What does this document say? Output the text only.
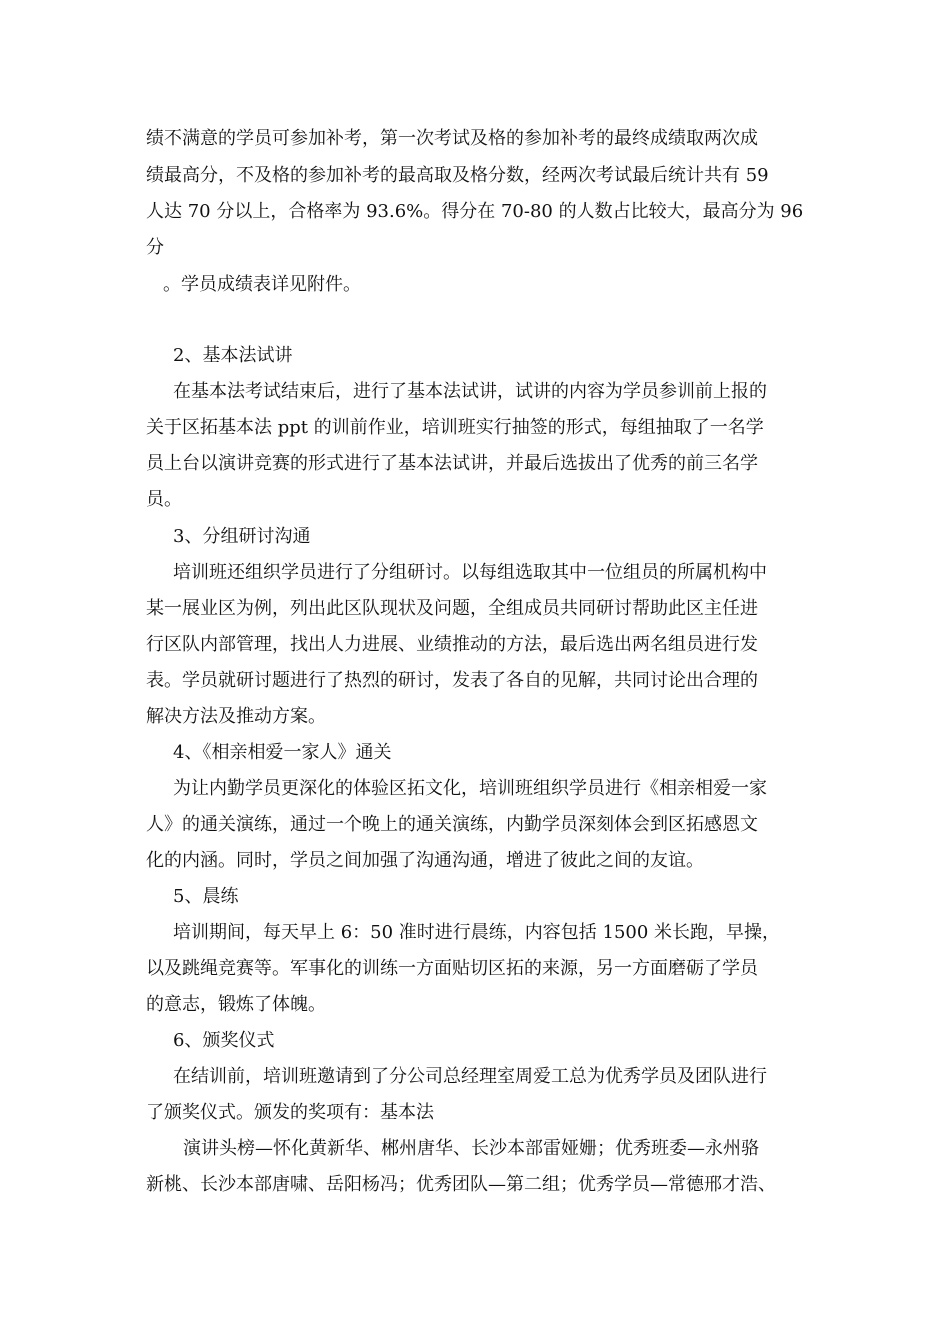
绩不满意的学员可参加补考，第一次考试及格的参加补考的最终成绩取两次成
绩最高分，不及格的参加补考的最高取及格分数，经两次考试最后统计共有 59
人达 70 分以上，合格率为 93.6%。得分在 70-80 的人数占比较大，最高分为 96
分
。学员成绩表详见附件。
2、基本法试讲
在基本法考试结束后，进行了基本法试讲，试讲的内容为学员参训前上报的
关于区拓基本法 ppt 的训前作业，培训班实行抽签的形式，每组抽取了一名学
员上台以演讲竞赛的形式进行了基本法试讲，并最后选拔出了优秀的前三名学
员。
3、分组研讨沟通
培训班还组织学员进行了分组研讨。以每组选取其中一位组员的所属机构中
某一展业区为例，列出此区队现状及问题，全组成员共同研讨帮助此区主任进
行区队内部管理，找出人力进展、业绩推动的方法，最后选出两名组员进行发
表。学员就研讨题进行了热烈的研讨，发表了各自的见解，共同讨论出合理的
解决方法及推动方案。
4、《相亲相爱一家人》通关
为让内勤学员更深化的体验区拓文化，培训班组织学员进行《相亲相爱一家
人》的通关演练，通过一个晚上的通关演练，内勤学员深刻体会到区拓感恩文
化的内涵。同时，学员之间加强了沟通沟通，增进了彼此之间的友谊。
5、晨练
培训期间，每天早上 6：50 准时进行晨练，内容包括 1500 米长跑，早操，
以及跳绳竞赛等。军事化的训练一方面贴切区拓的来源，另一方面磨砺了学员
的意志，锻炼了体魄。
6、颁奖仪式
在结训前，培训班邀请到了分公司总经理室周爱工总为优秀学员及团队进行
了颁奖仪式。颁发的奖项有：基本法
演讲头榜—怀化黄新华、郴州唐华、长沙本部雷娅姗；优秀班委—永州骆
新桃、长沙本部唐啸、岳阳杨冯；优秀团队—第二组；优秀学员—常德邢才浩、
